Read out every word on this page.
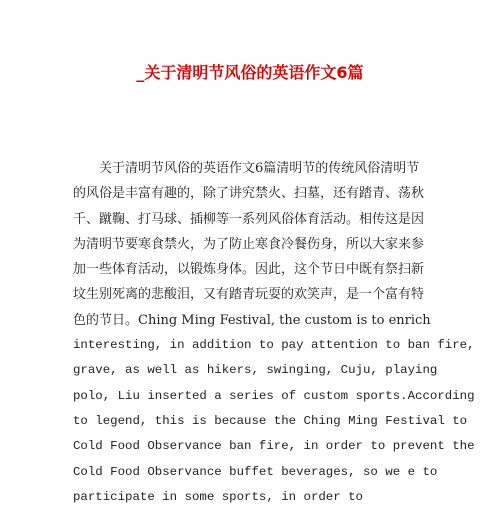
_关于清明节风俗的英语作文6篇
关于清明节风俗的英语作文6篇清明节的传统风俗清明节
的风俗是丰富有趣的，除了讲究禁火、扫墓，还有踏青、荡秋
千、蹴鞠、打马球、插柳等一系列风俗体育活动。相传这是因
为清明节要寒食禁火，为了防止寒食冷餐伤身，所以大家来参
加一些体育活动，以锻炼身体。因此，这个节日中既有祭扫新
坟生别死离的悲酸泪，又有踏青玩耍的欢笑声，是一个富有特
色的节日。Ching Ming Festival, the custom is to enrich
interesting, in addition to pay attention to ban fire,
grave, as well as hikers, swinging, Cuju, playing
polo, Liu inserted a series of custom sports.According
to legend, this is because the Ching Ming Festival to
Cold Food Observance ban fire, in order to prevent the
Cold Food Observance buffet beverages, so we e to
participate in some sports, in order to
